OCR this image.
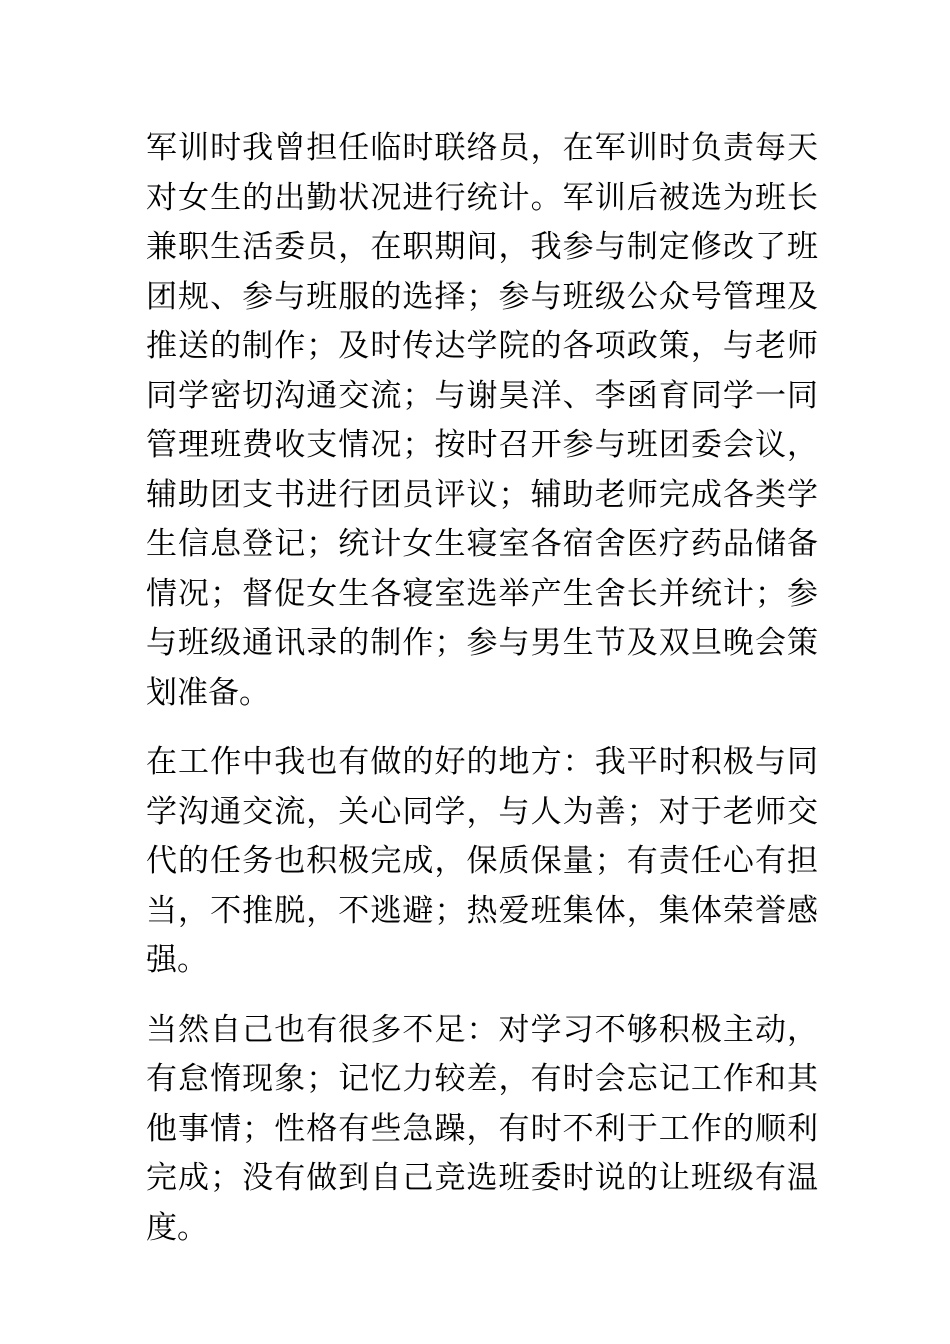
军训时我曾担任临时联络员，在军训时负责每天对女生的出勤状况进行统计。军训后被选为班长兼职生活委员，在职期间，我参与制定修改了班团规、参与班服的选择；参与班级公众号管理及推送的制作；及时传达学院的各项政策，与老师同学密切沟通交流；与谢昊洋、李函育同学一同管理班费收支情况；按时召开参与班团委会议，辅助团支书进行团员评议；辅助老师完成各类学生信息登记；统计女生寝室各宿舍医疗药品储备情况；督促女生各寝室选举产生舍长并统计；参与班级通讯录的制作；参与男生节及双旦晚会策划准备。

在工作中我也有做的好的地方：我平时积极与同学沟通交流，关心同学，与人为善；对于老师交代的任务也积极完成，保质保量；有责任心有担当，不推脱，不逃避；热爱班集体，集体荣誉感强。

当然自己也有很多不足：对学习不够积极主动，有怠惰现象；记忆力较差，有时会忘记工作和其他事情；性格有些急躁，有时不利于工作的顺利完成；没有做到自己竞选班委时说的让班级有温度。
